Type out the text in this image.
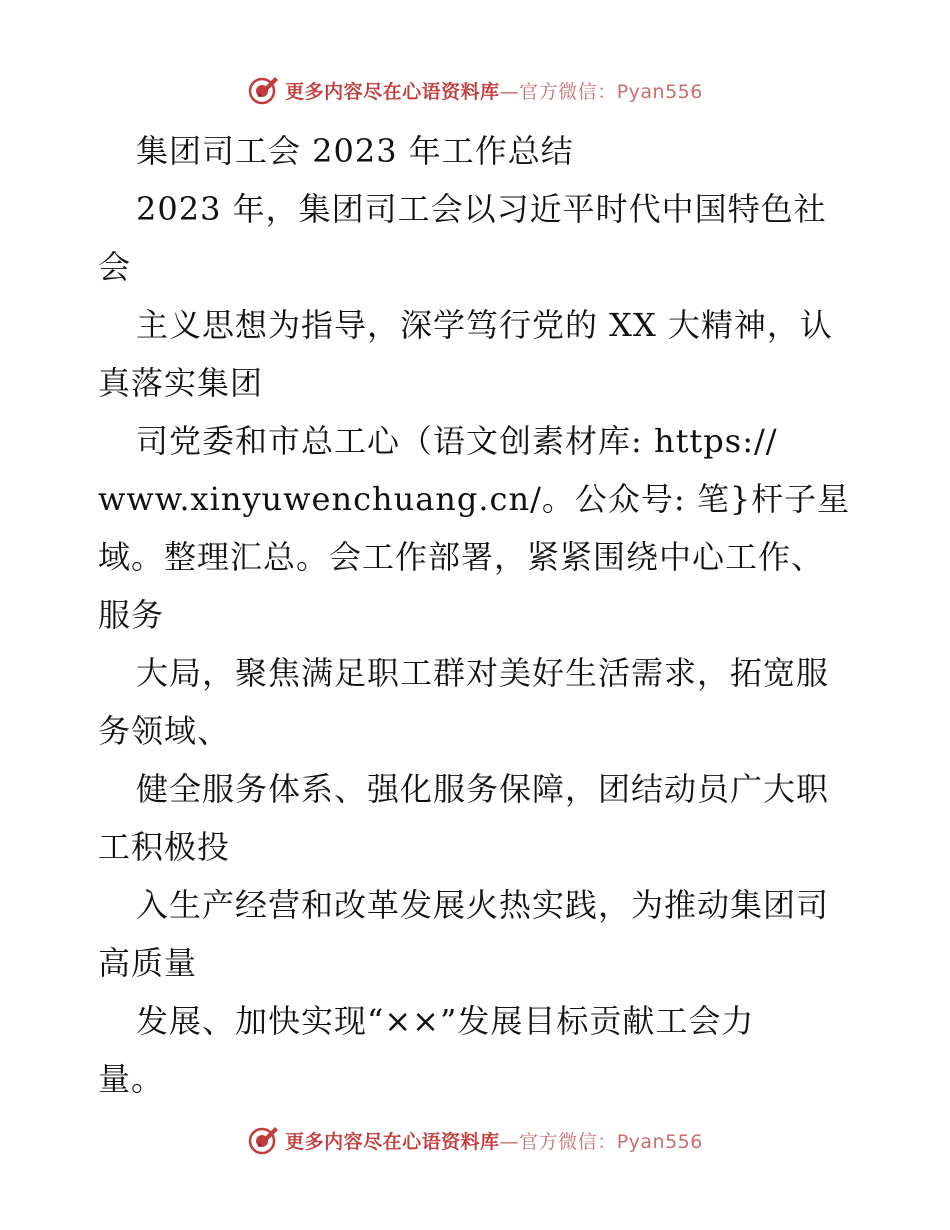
更多内容尽在心语资料库—官方微信：Pyan556
集团司工会 2023 年工作总结
2023 年，集团司工会以习近平时代中国特色社
会
主义思想为指导，深学笃行党的 XX 大精神，认
真落实集团
司党委和市总工心（语文创素材库: https://
www.xinyuwenchuang.cn/。公众号: 笔}杆子星
域。整理汇总。会工作部署，紧紧围绕中心工作、
服务
大局，聚焦满足职工群对美好生活需求，拓宽服
务领域、
健全服务体系、强化服务保障，团结动员广大职
工积极投
入生产经营和改革发展火热实践，为推动集团司
高质量
发展、加快实现“××”发展目标贡献工会力
量。
更多内容尽在心语资料库—官方微信：Pyan556
